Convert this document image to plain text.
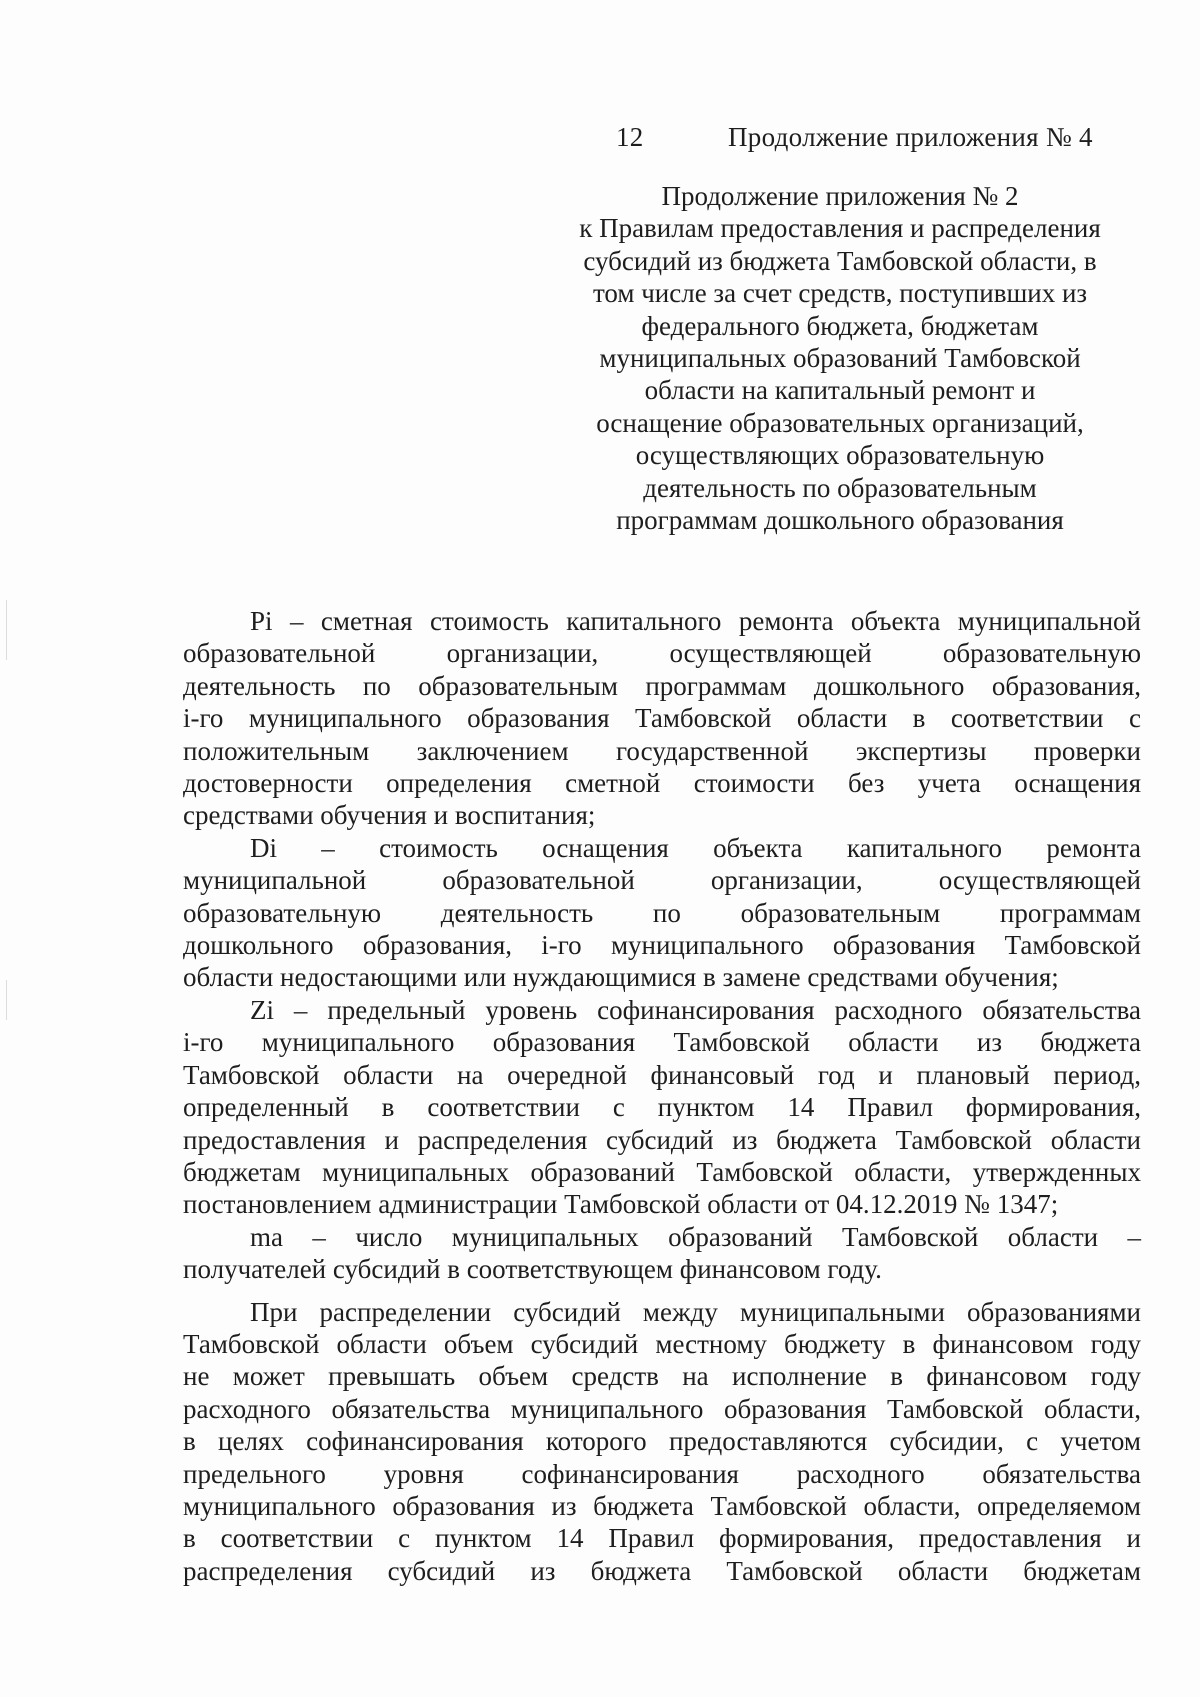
12	Продолжение приложения № 4
Продолжение приложения № 2
к Правилам предоставления и распределения
субсидий из бюджета Тамбовской области, в
том числе за счет средств, поступивших из
федерального бюджета, бюджетам
муниципальных образований Тамбовской
области на капитальный ремонт и
оснащение образовательных организаций,
осуществляющих образовательную
деятельность по образовательным
программам дошкольного образования
Pi – сметная стоимость капитального ремонта объекта муниципальной
образовательной организации, осуществляющей образовательную
деятельность по образовательным программам дошкольного образования,
i-го муниципального образования Тамбовской области в соответствии с
положительным заключением государственной экспертизы проверки
достоверности определения сметной стоимости без учета оснащения
средствами обучения и воспитания;
Di – стоимость оснащения объекта капитального ремонта
муниципальной образовательной организации, осуществляющей
образовательную деятельность по образовательным программам
дошкольного образования, i-го муниципального образования Тамбовской
области недостающими или нуждающимися в замене средствами обучения;
Zi – предельный уровень софинансирования расходного обязательства
i-го муниципального образования Тамбовской области из бюджета
Тамбовской области на очередной финансовый год и плановый период,
определенный в соответствии с пунктом 14 Правил формирования,
предоставления и распределения субсидий из бюджета Тамбовской области
бюджетам муниципальных образований Тамбовской области, утвержденных
постановлением администрации Тамбовской области от 04.12.2019 № 1347;
ma – число муниципальных образований Тамбовской области –
получателей субсидий в соответствующем финансовом году.
При распределении субсидий между муниципальными образованиями
Тамбовской области объем субсидий местному бюджету в финансовом году
не может превышать объем средств на исполнение в финансовом году
расходного обязательства муниципального образования Тамбовской области,
в целях софинансирования которого предоставляются субсидии, с учетом
предельного уровня софинансирования расходного обязательства
муниципального образования из бюджета Тамбовской области, определяемом
в соответствии с пунктом 14 Правил формирования, предоставления и
распределения субсидий из бюджета Тамбовской области бюджетам
